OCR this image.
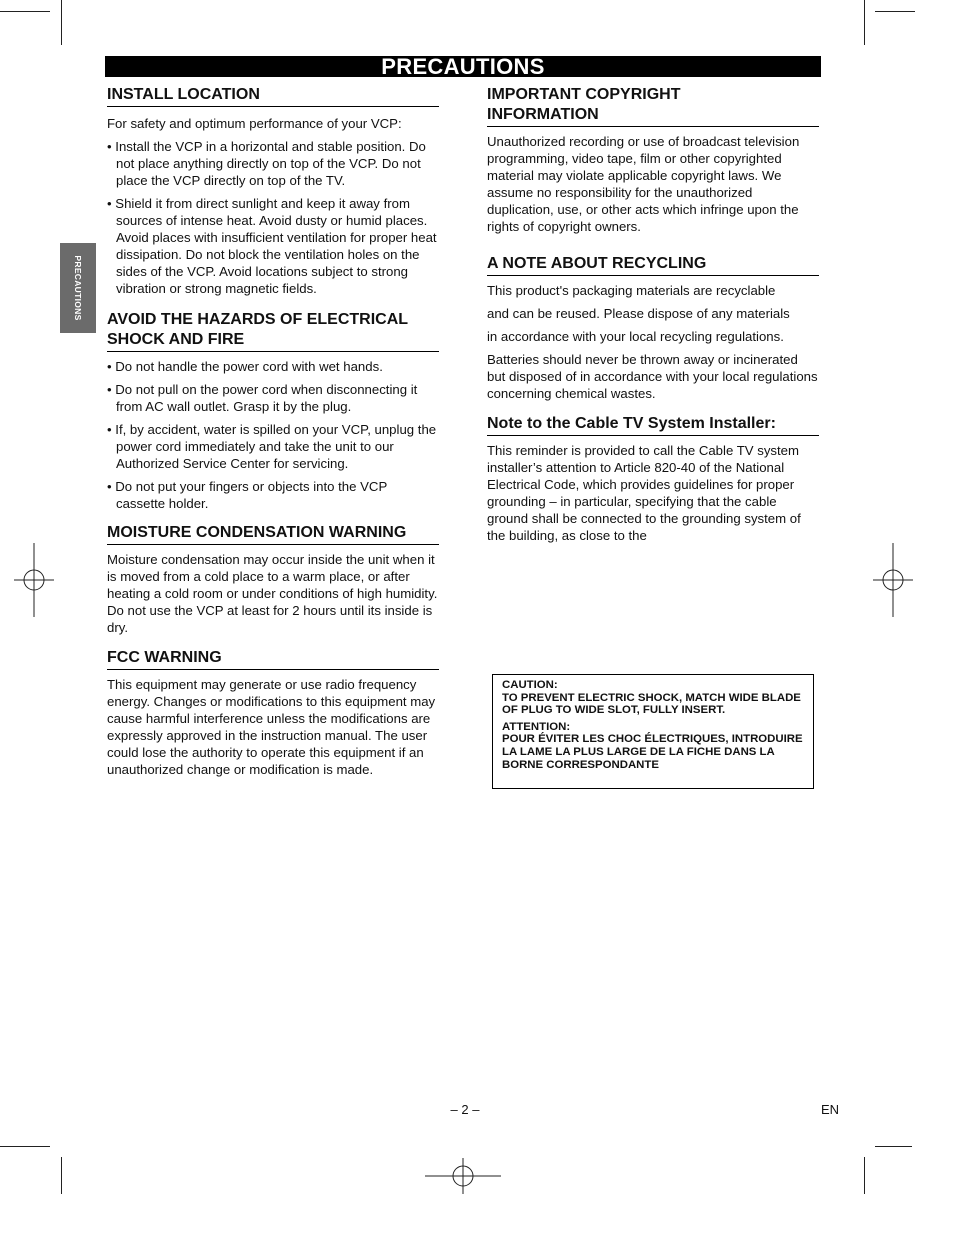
PRECAUTIONS
PRECAUTIONS
INSTALL LOCATION

For safety and optimum performance of your VCP:

• Install the VCP in a horizontal and stable position. Do not place anything directly on top of the VCP. Do not place the VCP directly on top of the TV.

• Shield it from direct sunlight and keep it away from sources of intense heat. Avoid dusty or humid places. Avoid places with insufficient ventilation for proper heat dissipation. Do not block the ventilation holes on the sides of the VCP. Avoid locations subject to strong vibration or strong magnetic fields.

AVOID THE HAZARDS OF ELECTRICAL SHOCK AND FIRE

• Do not handle the power cord with wet hands.

• Do not pull on the power cord when disconnecting it from AC wall outlet. Grasp it by the plug.

• If, by accident, water is spilled on your VCP, unplug the power cord immediately and take the unit to our Authorized Service Center for servicing.

• Do not put your fingers or objects into the VCP cassette holder.

MOISTURE CONDENSATION WARNING

Moisture condensation may occur inside the unit when it is moved from a cold place to a warm place, or after heating a cold room or under conditions of high humidity. Do not use the VCP at least for 2 hours until its inside is dry.

FCC WARNING

This equipment may generate or use radio frequency energy. Changes or modifications to this equipment may cause harmful interference unless the modifications are expressly approved in the instruction manual. The user could lose the authority to operate this equipment if an unauthorized change or modification is made.

IMPORTANT COPYRIGHT INFORMATION

Unauthorized recording or use of broadcast television programming, video tape, film or other copyrighted material may violate applicable copyright laws. We assume no responsibility for the unauthorized duplication, use, or other acts which infringe upon the rights of copyright owners.

A NOTE ABOUT RECYCLING

This product's packaging materials are recyclable

and can be reused. Please dispose of any materials

in accordance with your local recycling regulations.

Batteries should never be thrown away or incinerated but disposed of in accordance with your local regulations concerning chemical wastes.

Note to the Cable TV System Installer:

This reminder is provided to call the Cable TV system installer’s attention to Article 820-40 of the National Electrical Code, which provides guidelines for proper grounding – in particular, specifying that the cable ground shall be connected to the grounding system of the building, as close to the

CAUTION:

TO PREVENT ELECTRIC SHOCK, MATCH WIDE BLADE OF PLUG TO WIDE SLOT, FULLY INSERT.

ATTENTION:

POUR ÉVITER LES CHOC ÉLECTRIQUES, INTRODUIRE LA LAME LA PLUS LARGE DE LA FICHE DANS LA BORNE CORRESPONDANTE

– 2 –	EN
